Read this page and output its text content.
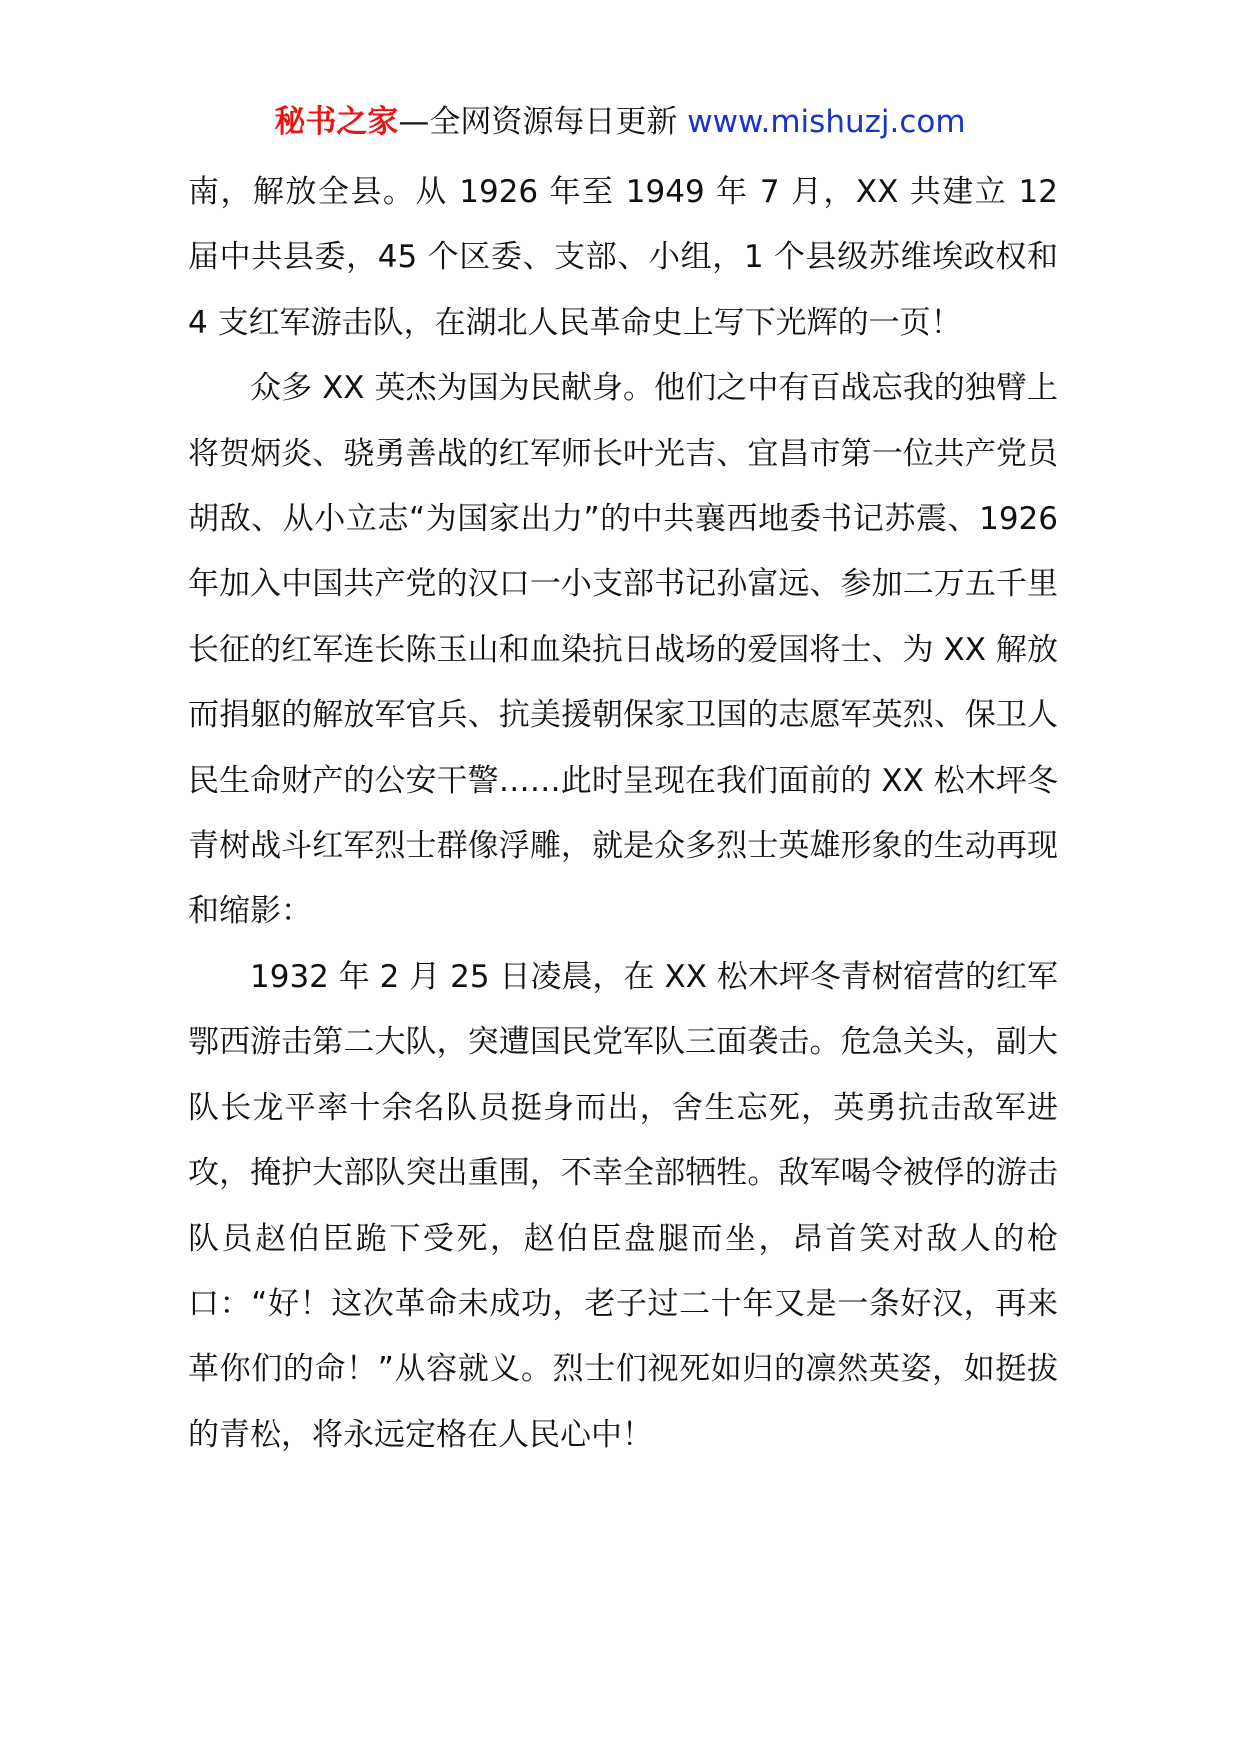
秘书之家—全网资源每日更新 www.mishuzj.com

南，解放全县。从 1926 年至 1949 年 7 月，XX 共建立 12 届中共县委，45 个区委、支部、小组，1 个县级苏维埃政权和 4 支红军游击队，在湖北人民革命史上写下光辉的一页！

众多 XX 英杰为国为民献身。他们之中有百战忘我的独臂上将贺炳炎、骁勇善战的红军师长叶光吉、宜昌市第一位共产党员胡敌、从小立志“为国家出力”的中共襄西地委书记苏震、1926 年加入中国共产党的汉口一小支部书记孙富远、参加二万五千里长征的红军连长陈玉山和血染抗日战场的爱国将士、为 XX 解放而捐躯的解放军官兵、抗美援朝保家卫国的志愿军英烈、保卫人民生命财产的公安干警……此时呈现在我们面前的 XX 松木坪冬青树战斗红军烈士群像浮雕，就是众多烈士英雄形象的生动再现和缩影：

1932 年 2 月 25 日凌晨，在 XX 松木坪冬青树宿营的红军鄂西游击第二大队，突遭国民党军队三面袭击。危急关头，副大队长龙平率十余名队员挺身而出，舍生忘死，英勇抗击敌军进攻，掩护大部队突出重围，不幸全部牺牲。敌军喝令被俘的游击队员赵伯臣跪下受死，赵伯臣盘腿而坐，昂首笑对敌人的枪口：“好！这次革命未成功，老子过二十年又是一条好汉，再来革你们的命！”从容就义。烈士们视死如归的凛然英姿，如挺拔的青松，将永远定格在人民心中！
